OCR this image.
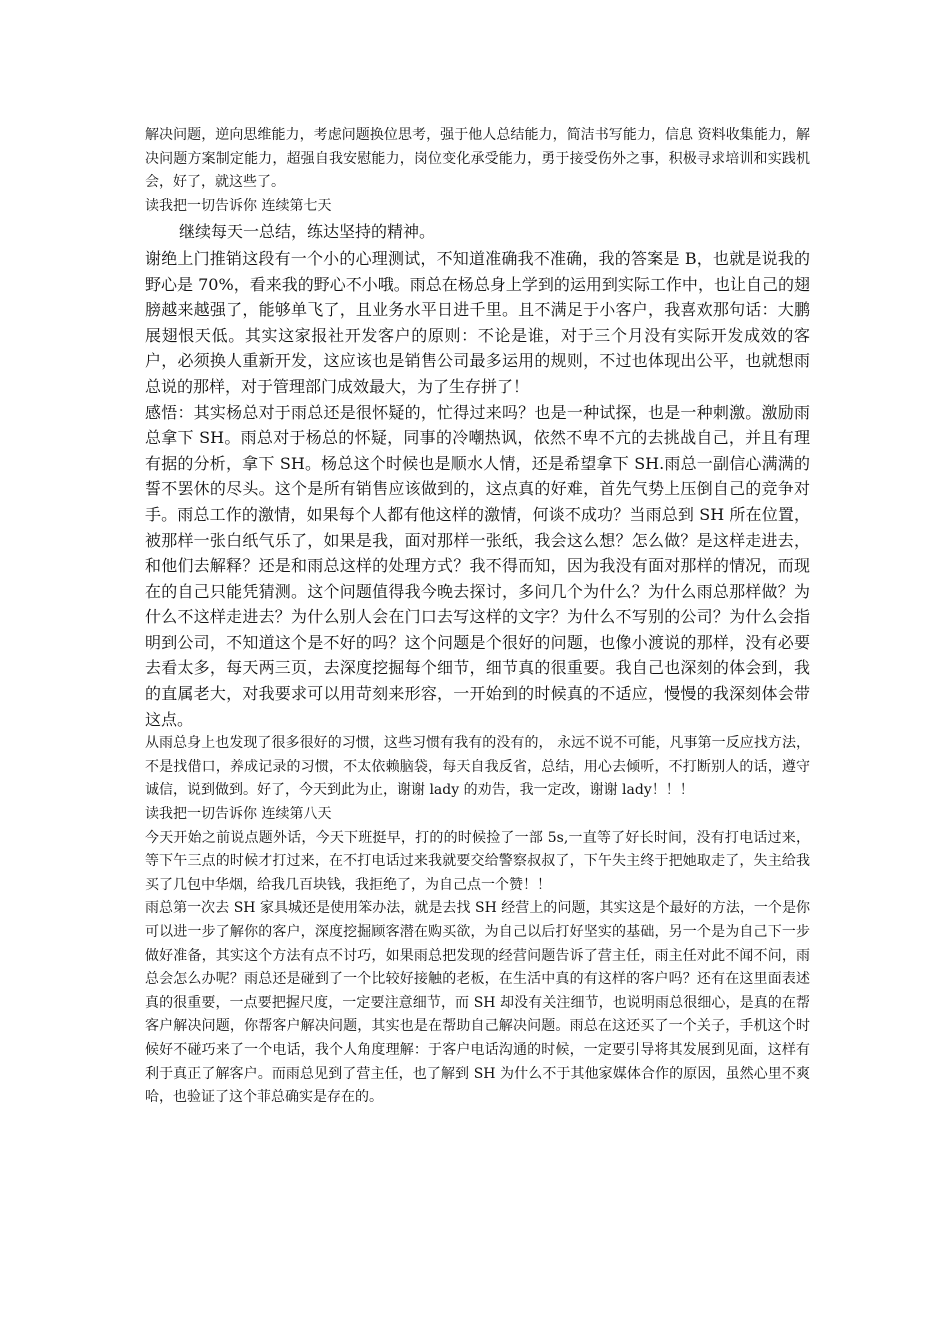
解决问题，逆向思维能力，考虑问题换位思考，强于他人总结能力，简洁书写能力，信息 资料收集能力，解决问题方案制定能力，超强自我安慰能力，岗位变化承受能力，勇于接受伤外之事，积极寻求培训和实践机会，好了，就这些了。

读我把一切告诉你 连续第七天

继续每天一总结，练达坚持的精神。

谢绝上门推销这段有一个小的心理测试，不知道准确我不准确，我的答案是 B，也就是说我的野心是 70%，看来我的野心不小哦。雨总在杨总身上学到的运用到实际工作中，也让自己的翅膀越来越强了，能够单飞了，且业务水平日进千里。且不满足于小客户，我喜欢那句话：大鹏展翅恨天低。其实这家报社开发客户的原则：不论是谁，对于三个月没有实际开发成效的客户，必须换人重新开发，这应该也是销售公司最多运用的规则，不过也体现出公平，也就想雨总说的那样，对于管理部门成效最大，为了生存拼了！

感悟：其实杨总对于雨总还是很怀疑的，忙得过来吗？也是一种试探，也是一种刺激。激励雨总拿下 SH。雨总对于杨总的怀疑，同事的冷嘲热讽，依然不卑不亢的去挑战自己，并且有理有据的分析，拿下 SH。杨总这个时候也是顺水人情，还是希望拿下 SH.雨总一副信心满满的誓不罢休的尽头。这个是所有销售应该做到的，这点真的好难，首先气势上压倒自己的竞争对手。雨总工作的激情，如果每个人都有他这样的激情，何谈不成功？当雨总到 SH 所在位置，被那样一张白纸气乐了，如果是我，面对那样一张纸，我会这么想？怎么做？是这样走进去，和他们去解释？还是和雨总这样的处理方式？我不得而知，因为我没有面对那样的情况，而现在的自己只能凭猜测。这个问题值得我今晚去探讨，多问几个为什么？为什么雨总那样做？为什么不这样走进去？为什么别人会在门口去写这样的文字？为什么不写别的公司？为什么会指明到公司，不知道这个是不好的吗？这个问题是个很好的问题，也像小渡说的那样，没有必要去看太多，每天两三页，去深度挖掘每个细节，细节真的很重要。我自己也深刻的体会到，我的直属老大，对我要求可以用苛刻来形容，一开始到的时候真的不适应，慢慢的我深刻体会带这点。

从雨总身上也发现了很多很好的习惯，这些习惯有我有的没有的， 永远不说不可能，凡事第一反应找方法，不是找借口，养成记录的习惯，不太依赖脑袋，每天自我反省，总结，用心去倾听，不打断别人的话，遵守诚信，说到做到。好了，今天到此为止，谢谢 lady 的劝告，我一定改，谢谢 lady！！！

读我把一切告诉你 连续第八天

今天开始之前说点题外话，今天下班挺早，打的的时候捡了一部 5s,一直等了好长时间，没有打电话过来，等下午三点的时候才打过来，在不打电话过来我就要交给警察叔叔了，下午失主终于把她取走了，失主给我买了几包中华烟，给我几百块钱，我拒绝了，为自己点一个赞！！

雨总第一次去 SH 家具城还是使用笨办法，就是去找 SH 经营上的问题，其实这是个最好的方法，一个是你可以进一步了解你的客户，深度挖掘顾客潜在购买欲，为自己以后打好坚实的基础，另一个是为自己下一步做好准备，其实这个方法有点不讨巧，如果雨总把发现的经营问题告诉了营主任，雨主任对此不闻不问，雨总会怎么办呢？雨总还是碰到了一个比较好接触的老板，在生活中真的有这样的客户吗？还有在这里面表述真的很重要，一点要把握尺度，一定要注意细节，而 SH 却没有关注细节，也说明雨总很细心，是真的在帮客户解决问题，你帮客户解决问题，其实也是在帮助自己解决问题。雨总在这还买了一个关子，手机这个时候好不碰巧来了一个电话，我个人角度理解：于客户电话沟通的时候，一定要引导将其发展到见面，这样有利于真正了解客户。而雨总见到了营主任，也了解到 SH 为什么不于其他家媒体合作的原因，虽然心里不爽哈，也验证了这个菲总确实是存在的。
